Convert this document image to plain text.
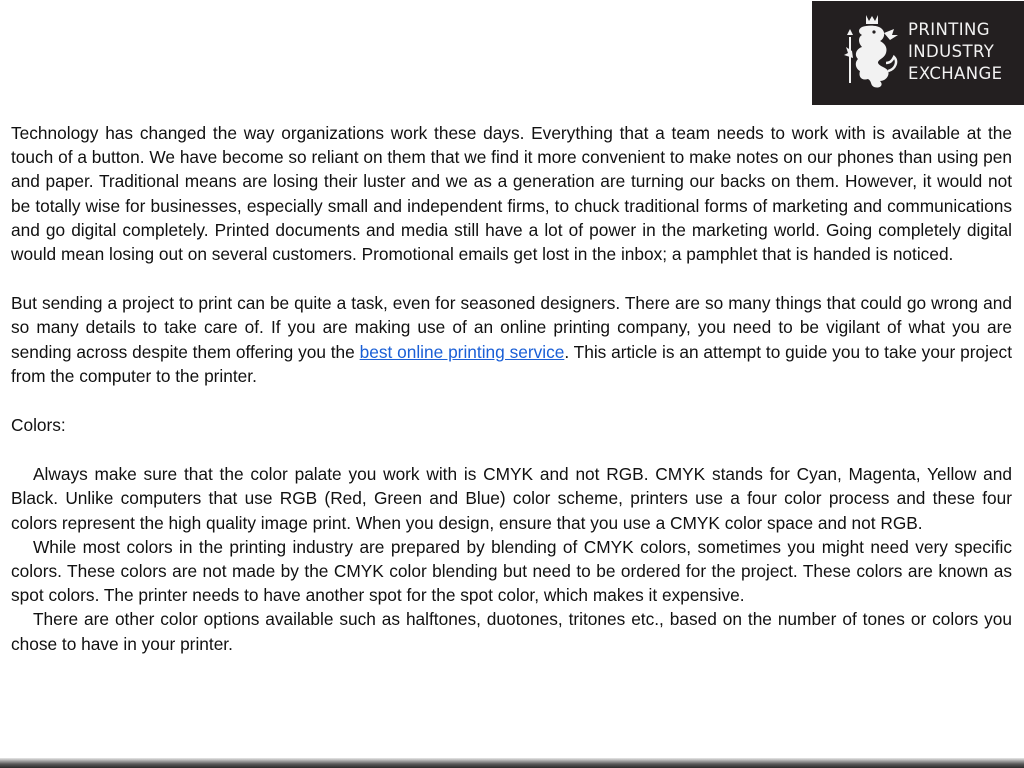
PRINTING
INDUSTRY
EXCHANGE

Technology has changed the way organizations work these days. Everything that a team needs to work with is available at the touch of a button. We have become so reliant on them that we find it more convenient to make notes on our phones than using pen and paper. Traditional means are losing their luster and we as a generation are turning our backs on them. However, it would not be totally wise for businesses, especially small and independent firms, to chuck traditional forms of marketing and communications and go digital completely. Printed documents and media still have a lot of power in the marketing world. Going completely digital would mean losing out on several customers. Promotional emails get lost in the inbox; a pamphlet that is handed is noticed.

But sending a project to print can be quite a task, even for seasoned designers. There are so many things that could go wrong and so many details to take care of. If you are making use of an online printing company, you need to be vigilant of what you are sending across despite them offering you the best online printing service. This article is an attempt to guide you to take your project from the computer to the printer.

Colors:

Always make sure that the color palate you work with is CMYK and not RGB. CMYK stands for Cyan, Magenta, Yellow and Black. Unlike computers that use RGB (Red, Green and Blue) color scheme, printers use a four color process and these four colors represent the high quality image print. When you design, ensure that you use a CMYK color space and not RGB.

While most colors in the printing industry are prepared by blending of CMYK colors, sometimes you might need very specific colors. These colors are not made by the CMYK color blending but need to be ordered for the project. These colors are known as spot colors. The printer needs to have another spot for the spot color, which makes it expensive.

There are other color options available such as halftones, duotones, tritones etc., based on the number of tones or colors you chose to have in your printer.
